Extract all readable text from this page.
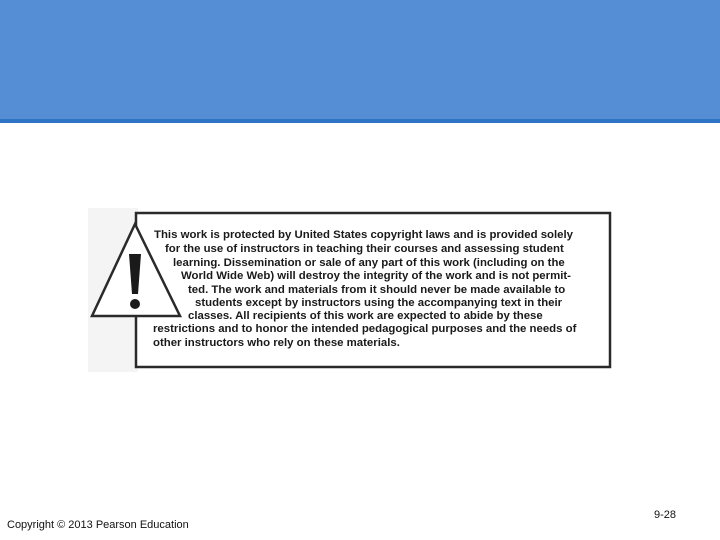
This work is protected by United States copyright laws and is provided solely
for the use of instructors in teaching their courses and assessing student
learning. Dissemination or sale of any part of this work (including on the
World Wide Web) will destroy the integrity of the work and is not permit-
ted. The work and materials from it should never be made available to
students except by instructors using the accompanying text in their
classes. All recipients of this work are expected to abide by these
restrictions and to honor the intended pedagogical purposes and the needs of
other instructors who rely on these materials.
Copyright © 2013 Pearson Education
9-28
